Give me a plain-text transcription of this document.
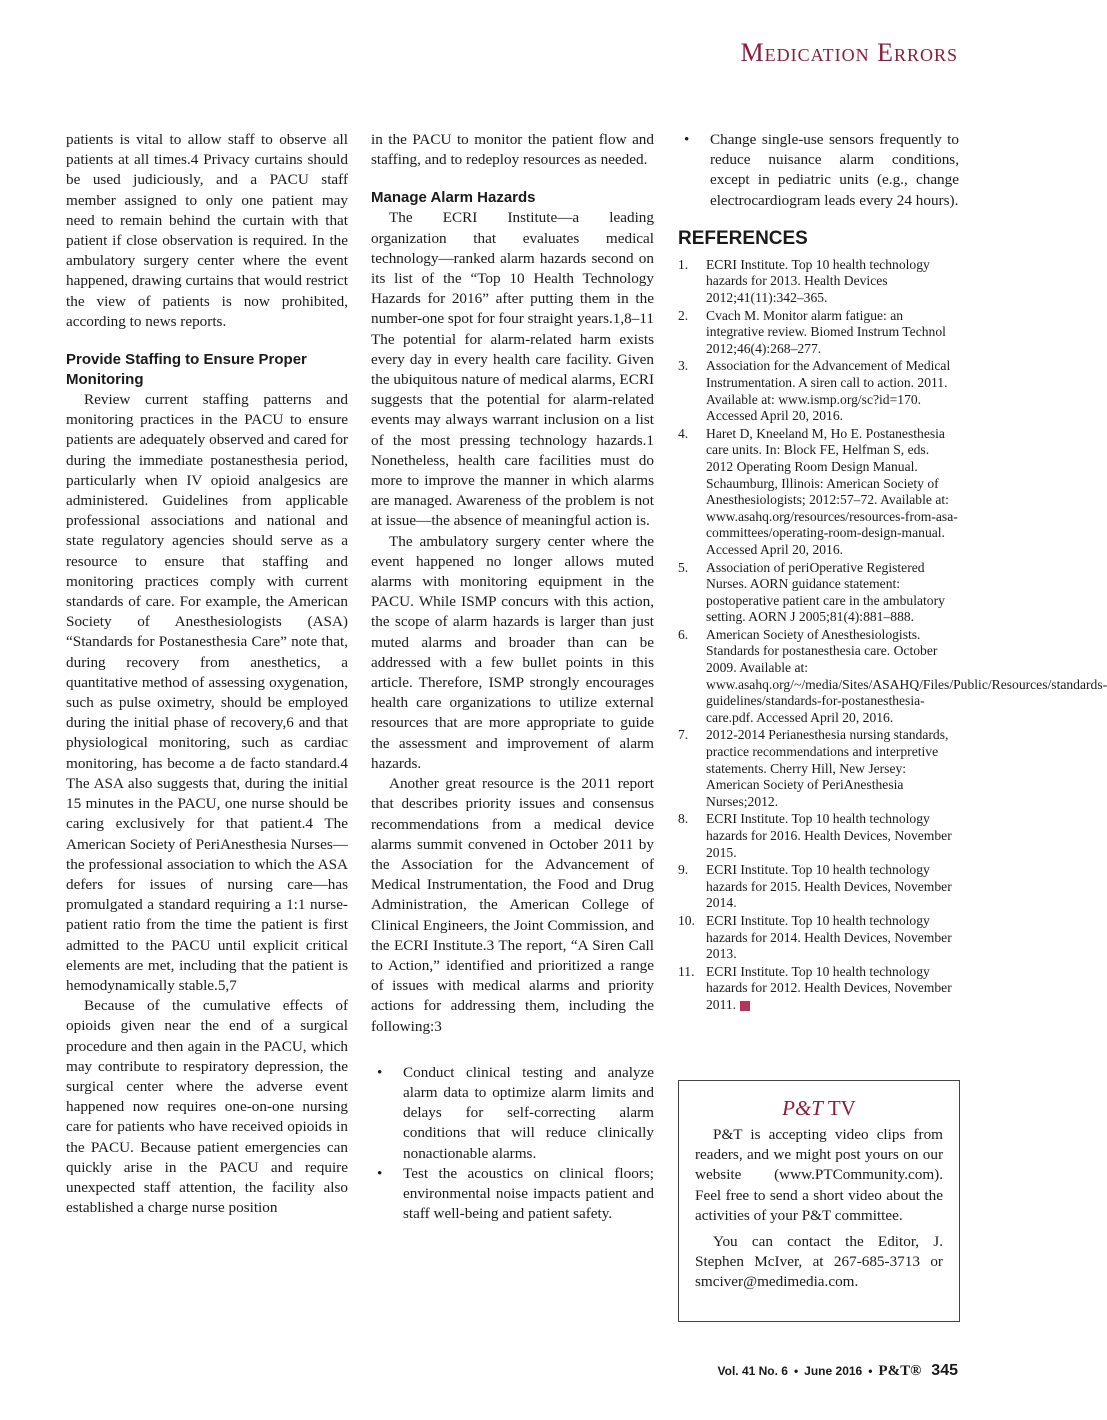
Medication Errors

patients is vital to allow staff to observe all patients at all times.4 Privacy curtains should be used judiciously, and a PACU staff member assigned to only one patient may need to remain behind the curtain with that patient if close observation is required. In the ambulatory surgery center where the event happened, drawing curtains that would restrict the view of patients is now prohibited, according to news reports.

Provide Staffing to Ensure Proper Monitoring

Review current staffing patterns and monitoring practices in the PACU to ensure patients are adequately observed and cared for during the immediate postanesthesia period, particularly when IV opioid analgesics are administered. Guidelines from applicable professional associations and national and state regulatory agencies should serve as a resource to ensure that staffing and monitoring practices comply with current standards of care. For example, the American Society of Anesthesiologists (ASA) “Standards for Postanesthesia Care” note that, during recovery from anesthetics, a quantitative method of assessing oxygenation, such as pulse oximetry, should be employed during the initial phase of recovery,6 and that physiological monitoring, such as cardiac monitoring, has become a de facto standard.4 The ASA also suggests that, during the initial 15 minutes in the PACU, one nurse should be caring exclusively for that patient.4 The American Society of PeriAnesthesia Nurses—the professional association to which the ASA defers for issues of nursing care—has promulgated a standard requiring a 1:1 nurse-patient ratio from the time the patient is first admitted to the PACU until explicit critical elements are met, including that the patient is hemodynamically stable.5,7

Because of the cumulative effects of opioids given near the end of a surgical procedure and then again in the PACU, which may contribute to respiratory depression, the surgical center where the adverse event happened now requires one-on-one nursing care for patients who have received opioids in the PACU. Because patient emergencies can quickly arise in the PACU and require unexpected staff attention, the facility also established a charge nurse position

in the PACU to monitor the patient flow and staffing, and to redeploy resources as needed.

Manage Alarm Hazards

The ECRI Institute—a leading organization that evaluates medical technology—ranked alarm hazards second on its list of the “Top 10 Health Technology Hazards for 2016” after putting them in the number-one spot for four straight years.1,8–11 The potential for alarm-related harm exists every day in every health care facility. Given the ubiquitous nature of medical alarms, ECRI suggests that the potential for alarm-related events may always warrant inclusion on a list of the most pressing technology hazards.1 Nonetheless, health care facilities must do more to improve the manner in which alarms are managed. Awareness of the problem is not at issue—the absence of meaningful action is.

The ambulatory surgery center where the event happened no longer allows muted alarms with monitoring equipment in the PACU. While ISMP concurs with this action, the scope of alarm hazards is larger than just muted alarms and broader than can be addressed with a few bullet points in this article. Therefore, ISMP strongly encourages health care organizations to utilize external resources that are more appropriate to guide the assessment and improvement of alarm hazards.

Another great resource is the 2011 report that describes priority issues and consensus recommendations from a medical device alarms summit convened in October 2011 by the Association for the Advancement of Medical Instrumentation, the Food and Drug Administration, the American College of Clinical Engineers, the Joint Commission, and the ECRI Institute.3 The report, “A Siren Call to Action,” identified and prioritized a range of issues with medical alarms and priority actions for addressing them, including the following:3

• Conduct clinical testing and analyze alarm data to optimize alarm limits and delays for self-correcting alarm conditions that will reduce clinically nonactionable alarms.
• Test the acoustics on clinical floors; environmental noise impacts patient and staff well-being and patient safety.
• Change single-use sensors frequently to reduce nuisance alarm conditions, except in pediatric units (e.g., change electrocardiogram leads every 24 hours).
REFERENCES
1. ECRI Institute. Top 10 health technology hazards for 2013. Health Devices 2012;41(11):342–365.
2. Cvach M. Monitor alarm fatigue: an integrative review. Biomed Instrum Technol 2012;46(4):268–277.
3. Association for the Advancement of Medical Instrumentation. A siren call to action. 2011. Available at: www.ismp.org/sc?id=170. Accessed April 20, 2016.
4. Haret D, Kneeland M, Ho E. Postanesthesia care units. In: Block FE, Helfman S, eds. 2012 Operating Room Design Manual. Schaumburg, Illinois: American Society of Anesthesiologists; 2012:57–72. Available at: www.asahq.org/resources/resources-from-asa-committees/operating-room-design-manual. Accessed April 20, 2016.
5. Association of periOperative Registered Nurses. AORN guidance statement: postoperative patient care in the ambulatory setting. AORN J 2005;81(4):881–888.
6. American Society of Anesthesiologists. Standards for postanesthesia care. October 2009. Available at: www.asahq.org/~/media/Sites/ASAHQ/Files/Public/Resources/standards-guidelines/standards-for-postanesthesia-care.pdf. Accessed April 20, 2016.
7. 2012-2014 Perianesthesia nursing standards, practice recommendations and interpretive statements. Cherry Hill, New Jersey: American Society of PeriAnesthesia Nurses;2012.
8. ECRI Institute. Top 10 health technology hazards for 2016. Health Devices, November 2015.
9. ECRI Institute. Top 10 health technology hazards for 2015. Health Devices, November 2014.
10. ECRI Institute. Top 10 health technology hazards for 2014. Health Devices, November 2013.
11. ECRI Institute. Top 10 health technology hazards for 2012. Health Devices, November 2011.
P&T TV

P&T is accepting video clips from readers, and we might post yours on our website (www.PTCommunity.com). Feel free to send a short video about the activities of your P&T committee.

You can contact the Editor, J. Stephen McIver, at 267-685-3713 or smciver@medimedia.com.

Vol. 41 No. 6 • June 2016 • P&T® 345
